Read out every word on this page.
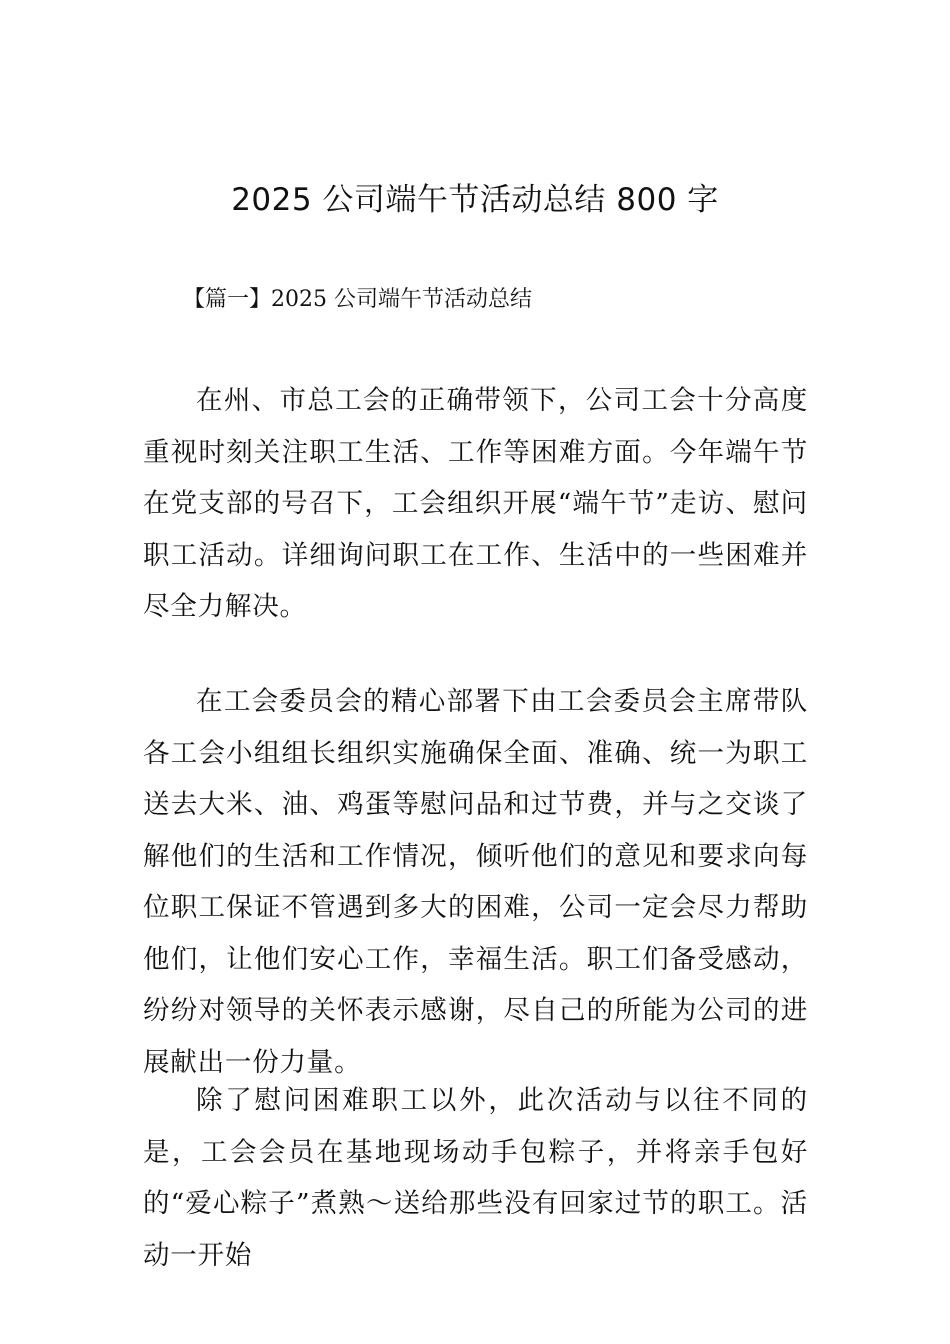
2025 公司端午节活动总结 800 字
【篇一】2025 公司端午节活动总结

在州、市总工会的正确带领下，公司工会十分高度重视时刻关注职工生活、工作等困难方面。今年端午节在党支部的号召下，工会组织开展“端午节”走访、慰问职工活动。详细询问职工在工作、生活中的一些困难并尽全力解决。

在工会委员会的精心部署下由工会委员会主席带队各工会小组组长组织实施确保全面、准确、统一为职工送去大米、油、鸡蛋等慰问品和过节费，并与之交谈了解他们的生活和工作情况，倾听他们的意见和要求向每位职工保证不管遇到多大的困难，公司一定会尽力帮助他们，让他们安心工作，幸福生活。职工们备受感动，纷纷对领导的关怀表示感谢，尽自己的所能为公司的进展献出一份力量。

除了慰问困难职工以外，此次活动与以往不同的是，工会会员在基地现场动手包粽子，并将亲手包好的“爱心粽子”煮熟～送给那些没有回家过节的职工。活动一开始
